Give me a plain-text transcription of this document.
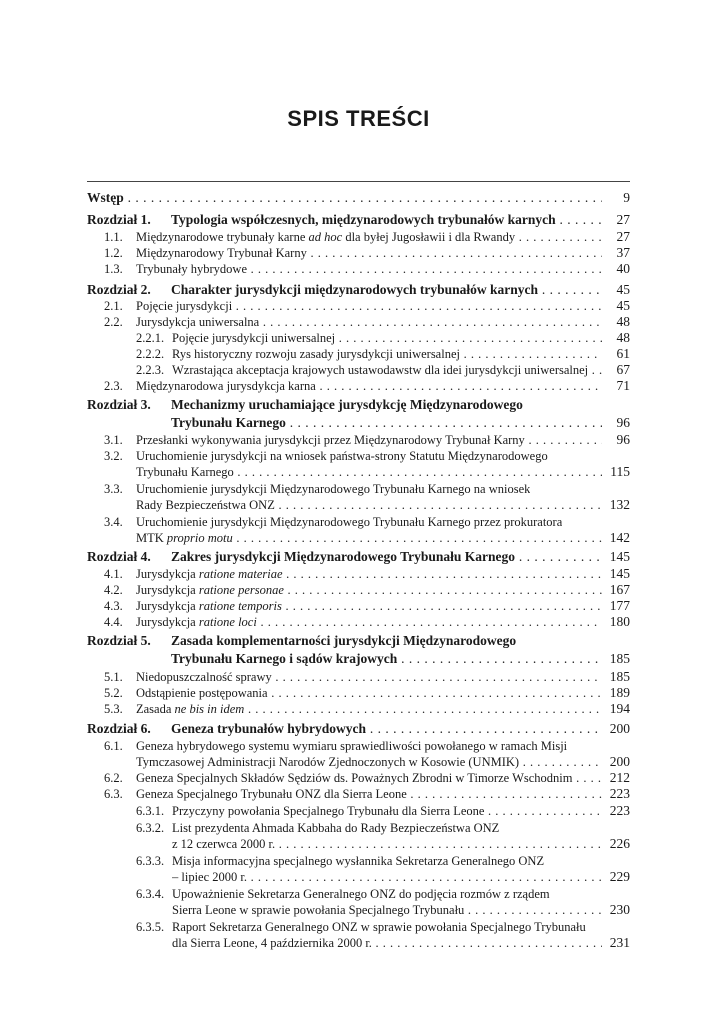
SPIS TREŚCI
Wstęp . . .	9
Rozdział 1. Typologia współczesnych, międzynarodowych trybunałów karnych . . .	27
1.1. Międzynarodowe trybunały karne ad hoc dla byłej Jugosławii i dla Rwandy . . .	27
1.2. Międzynarodowy Trybunał Karny . . .	37
1.3. Trybunały hybrydowe . . .	40
Rozdział 2. Charakter jurysdykcji międzynarodowych trybunałów karnych . . .	45
2.1. Pojęcie jurysdykcji . . .	45
2.2. Jurysdykcja uniwersalna . . .	48
2.2.1. Pojęcie jurysdykcji uniwersalnej . . .	48
2.2.2. Rys historyczny rozwoju zasady jurysdykcji uniwersalnej . . .	61
2.2.3. Wzrastająca akceptacja krajowych ustawodawstw dla idei jurysdykcji uniwersalnej . . .	67
2.3. Międzynarodowa jurysdykcja karna . . .	71
Rozdział 3. Mechanizmy uruchamiające jurysdykcję Międzynarodowego
Trybunału Karnego . . .	96
3.1. Przesłanki wykonywania jurysdykcji przez Międzynarodowy Trybunał Karny . . .	96
3.2. Uruchomienie jurysdykcji na wniosek państwa-strony Statutu Międzynarodowego
Trybunału Karnego . . .	115
3.3. Uruchomienie jurysdykcji Międzynarodowego Trybunału Karnego na wniosek
Rady Bezpieczeństwa ONZ . . .	132
3.4. Uruchomienie jurysdykcji Międzynarodowego Trybunału Karnego przez prokuratora
MTK proprio motu . . .	142
Rozdział 4. Zakres jurysdykcji Międzynarodowego Trybunału Karnego . . .	145
4.1. Jurysdykcja ratione materiae . . .	145
4.2. Jurysdykcja ratione personae . . .	167
4.3. Jurysdykcja ratione temporis . . .	177
4.4. Jurysdykcja ratione loci . . .	180
Rozdział 5. Zasada komplementarności jurysdykcji Międzynarodowego
Trybunału Karnego i sądów krajowych . . .	185
5.1. Niedopuszczalność sprawy . . .	185
5.2. Odstąpienie postępowania . . .	189
5.3. Zasada ne bis in idem . . .	194
Rozdział 6. Geneza trybunałów hybrydowych . . .	200
6.1. Geneza hybrydowego systemu wymiaru sprawiedliwości powołanego w ramach Misji
Tymczasowej Administracji Narodów Zjednoczonych w Kosowie (UNMIK) . . .	200
6.2. Geneza Specjalnych Składów Sędziów ds. Poważnych Zbrodni w Timorze Wschodnim . . .	212
6.3. Geneza Specjalnego Trybunału ONZ dla Sierra Leone . . .	223
6.3.1. Przyczyny powołania Specjalnego Trybunału dla Sierra Leone . . .	223
6.3.2. List prezydenta Ahmada Kabbaha do Rady Bezpieczeństwa ONZ
z 12 czerwca 2000 r. . . .	226
6.3.3. Misja informacyjna specjalnego wysłannika Sekretarza Generalnego ONZ
– lipiec 2000 r. . . .	229
6.3.4. Upoważnienie Sekretarza Generalnego ONZ do podjęcia rozmów z rządem
Sierra Leone w sprawie powołania Specjalnego Trybunału . . .	230
6.3.5. Raport Sekretarza Generalnego ONZ w sprawie powołania Specjalnego Trybunału
dla Sierra Leone, 4 października 2000 r. . . .	231
